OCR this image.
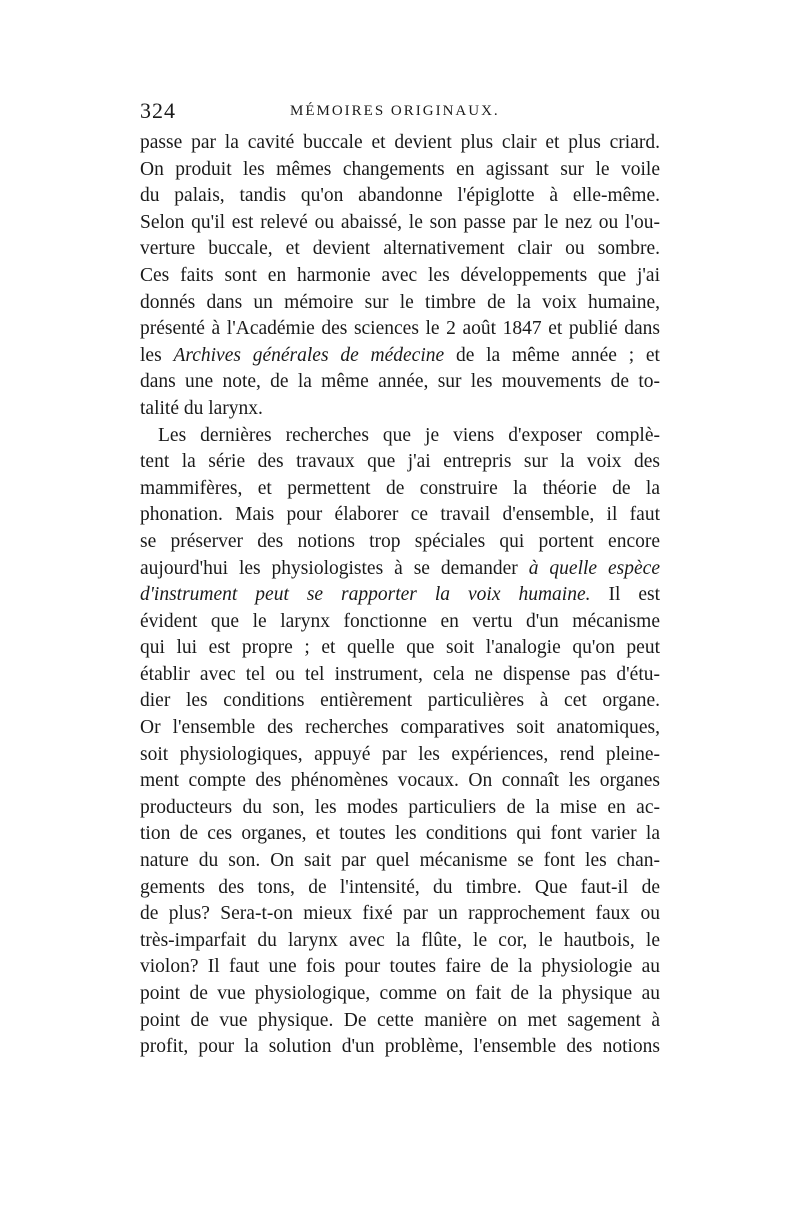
324	MÉMOIRES ORIGINAUX.
passe par la cavité buccale et devient plus clair et plus criard.
On produit les mêmes changements en agissant sur le voile
du palais, tandis qu'on abandonne l'épiglotte à elle-même.
Selon qu'il est relevé ou abaissé, le son passe par le nez ou l'ou-
verture buccale, et devient alternativement clair ou sombre.
Ces faits sont en harmonie avec les développements que j'ai
donnés dans un mémoire sur le timbre de la voix humaine,
présenté à l'Académie des sciences le 2 août 1847 et publié dans
les Archives générales de médecine de la même année ; et
dans une note, de la même année, sur les mouvements de to-
talité du larynx.
Les dernières recherches que je viens d'exposer complè-
tent la série des travaux que j'ai entrepris sur la voix des
mammifères, et permettent de construire la théorie de la
phonation. Mais pour élaborer ce travail d'ensemble, il faut
se préserver des notions trop spéciales qui portent encore
aujourd'hui les physiologistes à se demander à quelle espèce
d'instrument peut se rapporter la voix humaine. Il est
évident que le larynx fonctionne en vertu d'un mécanisme
qui lui est propre ; et quelle que soit l'analogie qu'on peut
établir avec tel ou tel instrument, cela ne dispense pas d'étu-
dier les conditions entièrement particulières à cet organe.
Or l'ensemble des recherches comparatives soit anatomiques,
soit physiologiques, appuyé par les expériences, rend pleine-
ment compte des phénomènes vocaux. On connaît les organes
producteurs du son, les modes particuliers de la mise en ac-
tion de ces organes, et toutes les conditions qui font varier la
nature du son. On sait par quel mécanisme se font les chan-
gements des tons, de l'intensité, du timbre. Que faut-il de
de plus? Sera-t-on mieux fixé par un rapprochement faux ou
très-imparfait du larynx avec la flûte, le cor, le hautbois, le
violon? Il faut une fois pour toutes faire de la physiologie au
point de vue physiologique, comme on fait de la physique au
point de vue physique. De cette manière on met sagement à
profit, pour la solution d'un problème, l'ensemble des notions
